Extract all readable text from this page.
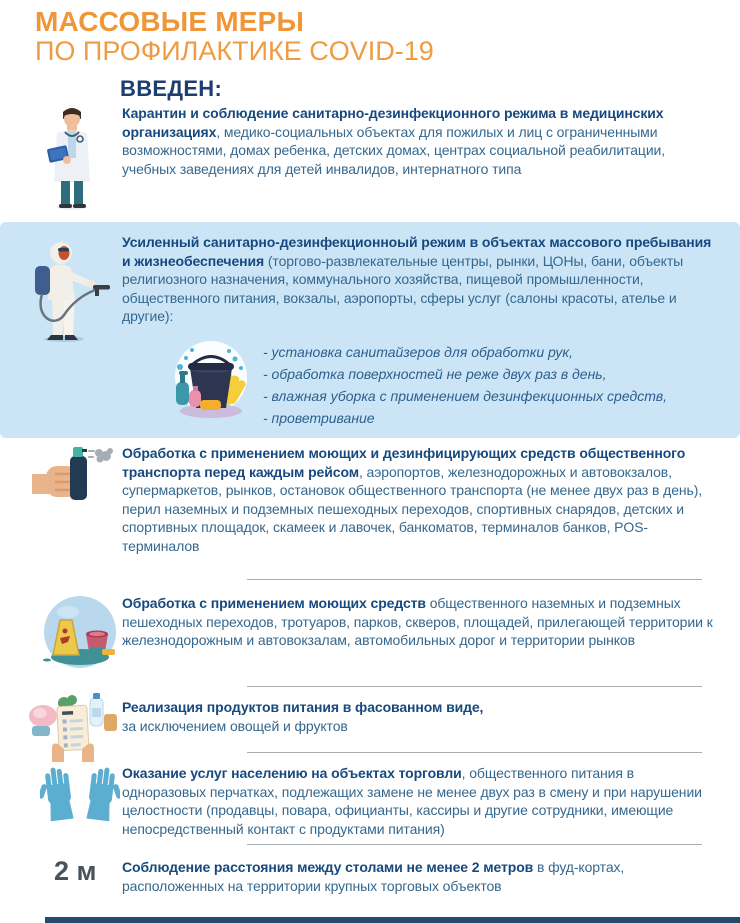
МАССОВЫЕ МЕРЫ
ПО ПРОФИЛАКТИКЕ COVID-19
ВВЕДЕН:

Карантин и соблюдение санитарно-дезинфекционного режима в медицинских организациях, медико-социальных объектах для пожилых и лиц с ограниченными возможностями, домах ребенка, детских домах, центрах социальной реабилитации, учебных заведениях для детей инвалидов, интернатного типа

Усиленный санитарно-дезинфекционноый режим в объектах массового пребывания и жизнеобеспечения (торгово-развлекательные центры, рынки, ЦОНы, бани, объекты религиозного назначения, коммунального хозяйства, пищевой промышленности, общественного питания, вокзалы, аэропорты, сферы услуг (салоны красоты, ателье и другие):

- установка санитайзеров для обработки рук,
- обработка поверхностей не реже двух раз в день,
- влажная уборка с применением дезинфекционных средств,
- проветривание

Обработка с применением моющих и дезинфицирующих средств общественного транспорта перед каждым рейсом, аэропортов, железнодорожных и автовокзалов, супермаркетов, рынков, остановок общественного транспорта (не менее двух раз в день), перил наземных и подземных пешеходных переходов, спортивных снарядов, детских и спортивных площадок, скамеек и лавочек, банкоматов, терминалов банков, POS-терминалов

Обработка с применением моющих средств общественного наземных и подземных пешеходных переходов, тротуаров, парков, скверов, площадей, прилегающей территории к железнодорожным и автовокзалам, автомобильных дорог и территории рынков

Реализация продуктов питания в фасованном виде,
за исключением овощей и фруктов

Оказание услуг населению на объектах торговли, общественного питания в одноразовых перчатках, подлежащих замене не менее двух раз в смену и при нарушении целостности (продавцы, повара, официанты, кассиры и другие сотрудники, имеющие непосредственный контакт с продуктами питания)

2 м Соблюдение расстояния между столами не менее 2 метров в фуд-кортах, расположенных на территории крупных торговых объектов
